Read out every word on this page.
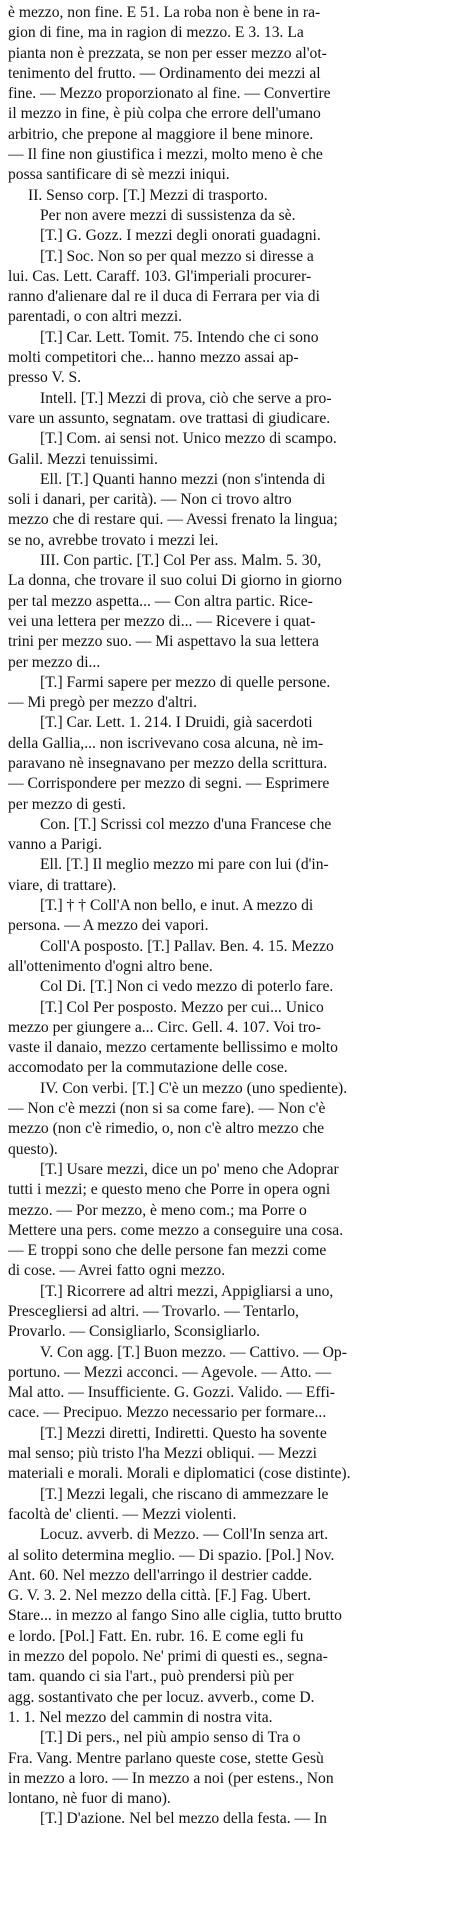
è mezzo, non fine. E 51. La roba non è bene in ra-
gion di fine, ma in ragion di mezzo. E 3. 13. La
pianta non è prezzata, se non per esser mezzo al'ot-
tenimento del frutto. — Ordinamento dei mezzi al
fine. — Mezzo proporzionato al fine. — Convertire
il mezzo in fine, è più colpa che errore dell'umano
arbitrio, che prepone al maggiore il bene minore.
— Il fine non giustifica i mezzi, molto meno è che
possa santificare di sè mezzi iniqui.
II. Senso corp. [T.] Mezzi di trasporto.
Per non avere mezzi di sussistenza da sè.
[T.] G. Gozz. I mezzi degli onorati guadagni.
[T.] Soc. Non so per qual mezzo si diresse a
lui. Cas. Lett. Caraff. 103. Gl'imperiali procurer-
ranno d'alienare dal re il duca di Ferrara per via di
parentadi, o con altri mezzi.
[T.] Car. Lett. Tomit. 75. Intendo che ci sono
molti competitori che... hanno mezzo assai ap-
presso V. S.
Intell. [T.] Mezzi di prova, ciò che serve a pro-
vare un assunto, segnatam. ove trattasi di giudicare.
[T.] Com. ai sensi not. Unico mezzo di scampo.
Galil. Mezzi tenuissimi.
Ell. [T.] Quanti hanno mezzi (non s'intenda di
soli i danari, per carità). — Non ci trovo altro
mezzo che di restare qui. — Avessi frenato la lingua;
se no, avrebbe trovato i mezzi lei.
III. Con partic. [T.] Col Per ass. Malm. 5. 30,
La donna, che trovare il suo colui Di giorno in giorno
per tal mezzo aspetta... — Con altra partic. Rice-
vei una lettera per mezzo di... — Ricevere i quat-
trini per mezzo suo. — Mi aspettavo la sua lettera
per mezzo di...
[T.] Farmi sapere per mezzo di quelle persone.
— Mi pregò per mezzo d'altri.
[T.] Car. Lett. 1. 214. I Druidi, già sacerdoti
della Gallia,... non iscrivevano cosa alcuna, nè im-
paravano nè insegnavano per mezzo della scrittura.
— Corrispondere per mezzo di segni. — Esprimere
per mezzo di gesti.
Con. [T.] Scrissi col mezzo d'una Francese che
vanno a Parigi.
Ell. [T.] Il meglio mezzo mi pare con lui (d'in-
viare, di trattare).
[T.] † † Coll'A non bello, e inut. A mezzo di
persona. — A mezzo dei vapori.
Coll'A posposto. [T.] Pallav. Ben. 4. 15. Mezzo
all'ottenimento d'ogni altro bene.
Col Di. [T.] Non ci vedo mezzo di poterlo fare.
[T.] Col Per posposto. Mezzo per cui... Unico
mezzo per giungere a... Circ. Gell. 4. 107. Voi tro-
vaste il danaio, mezzo certamente bellissimo e molto
accomodato per la commutazione delle cose.
IV. Con verbi. [T.] C'è un mezzo (uno spediente).
— Non c'è mezzi (non si sa come fare). — Non c'è
mezzo (non c'è rimedio, o, non c'è altro mezzo che
questo).
[T.] Usare mezzi, dice un po' meno che Adoprar
tutti i mezzi; e questo meno che Porre in opera ogni
mezzo. — Por mezzo, è meno com.; ma Porre o
Mettere una pers. come mezzo a conseguire una cosa.
— E troppi sono che delle persone fan mezzi come
di cose. — Avrei fatto ogni mezzo.
[T.] Ricorrere ad altri mezzi, Appigliarsi a uno,
Prescegliersi ad altri. — Trovarlo. — Tentarlo,
Provarlo. — Consigliarlo, Sconsigliarlo.
V. Con agg. [T.] Buon mezzo. — Cattivo. — Op-
portuno. — Mezzi acconci. — Agevole. — Atto. —
Mal atto. — Insufficiente. G. Gozzi. Valido. — Effi-
cace. — Precipuo. Mezzo necessario per formare...
[T.] Mezzi diretti, Indiretti. Questo ha sovente
mal senso; più tristo l'ha Mezzi obliqui. — Mezzi
materiali e morali. Morali e diplomatici (cose distinte).
[T.] Mezzi legali, che riscano di ammezzare le
facoltà de' clienti. — Mezzi violenti.
Locuz. avverb. di Mezzo. — Coll'In senza art.
al solito determina meglio. — Di spazio. [Pol.] Nov.
Ant. 60. Nel mezzo dell'arringo il destrier cadde.
G. V. 3. 2. Nel mezzo della città. [F.] Fag. Ubert.
Stare... in mezzo al fango Sino alle ciglia, tutto brutto
e lordo. [Pol.] Fatt. En. rubr. 16. E come egli fu
in mezzo del popolo. Ne' primi di questi es., segna-
tam. quando ci sia l'art., può prendersi più per
agg. sostantivato che per locuz. avverb., come D.
1. 1. Nel mezzo del cammin di nostra vita.
[T.] Di pers., nel più ampio senso di Tra o
Fra. Vang. Mentre parlano queste cose, stette Gesù
in mezzo a loro. — In mezzo a noi (per estens., Non
lontano, nè fuor di mano).
[T.] D'azione. Nel bel mezzo della festa. — In
